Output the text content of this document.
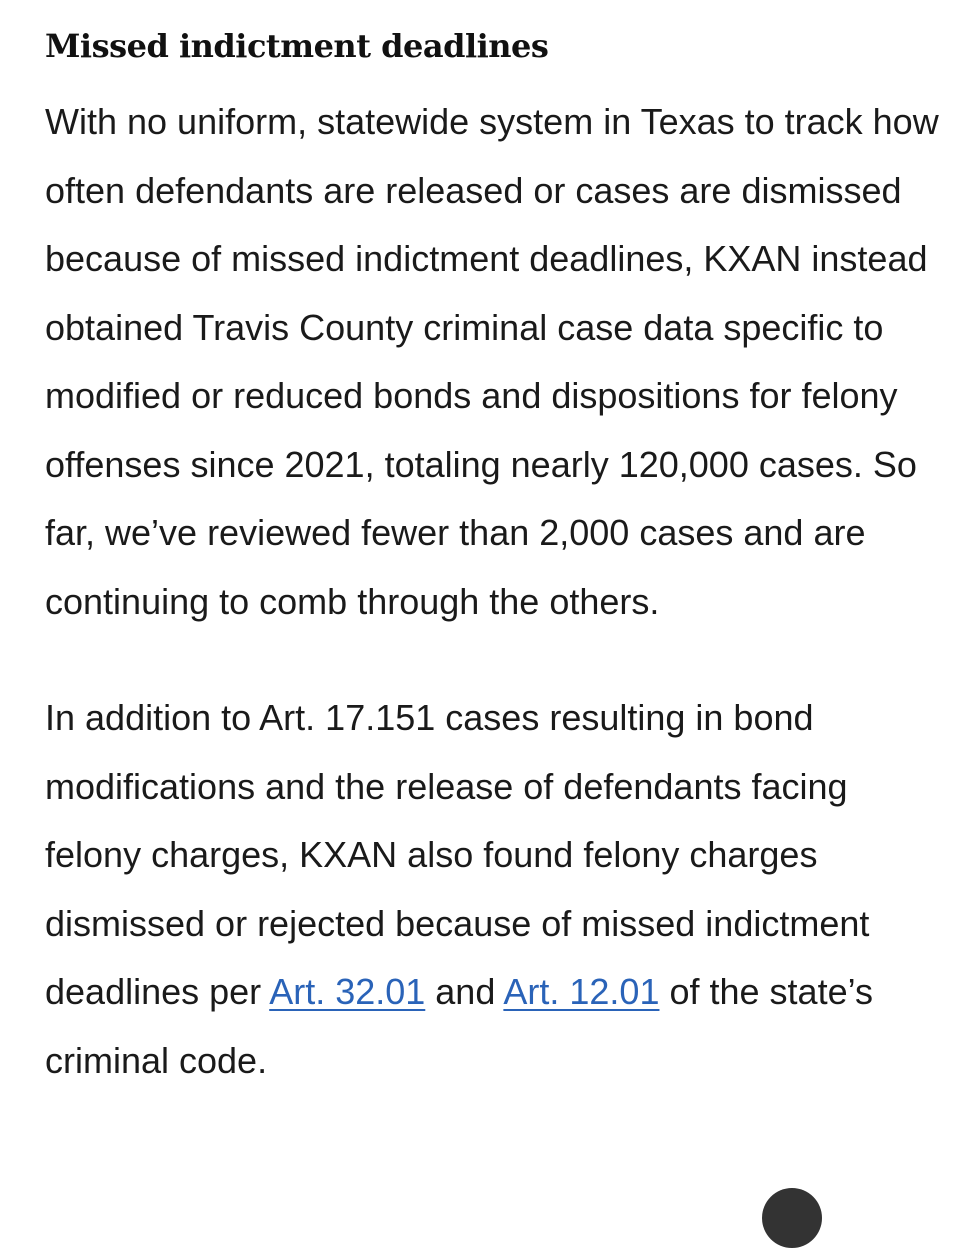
Missed indictment deadlines

With no uniform, statewide system in Texas to track how often defendants are released or cases are dismissed because of missed indictment deadlines, KXAN instead obtained Travis County criminal case data specific to modified or reduced bonds and dispositions for felony offenses since 2021, totaling nearly 120,000 cases. So far, we’ve reviewed fewer than 2,000 cases and are continuing to comb through the others.

In addition to Art. 17.151 cases resulting in bond modifications and the release of defendants facing felony charges, KXAN also found felony charges dismissed or rejected because of missed indictment deadlines per Art. 32.01 and Art. 12.01 of the state’s criminal code.
